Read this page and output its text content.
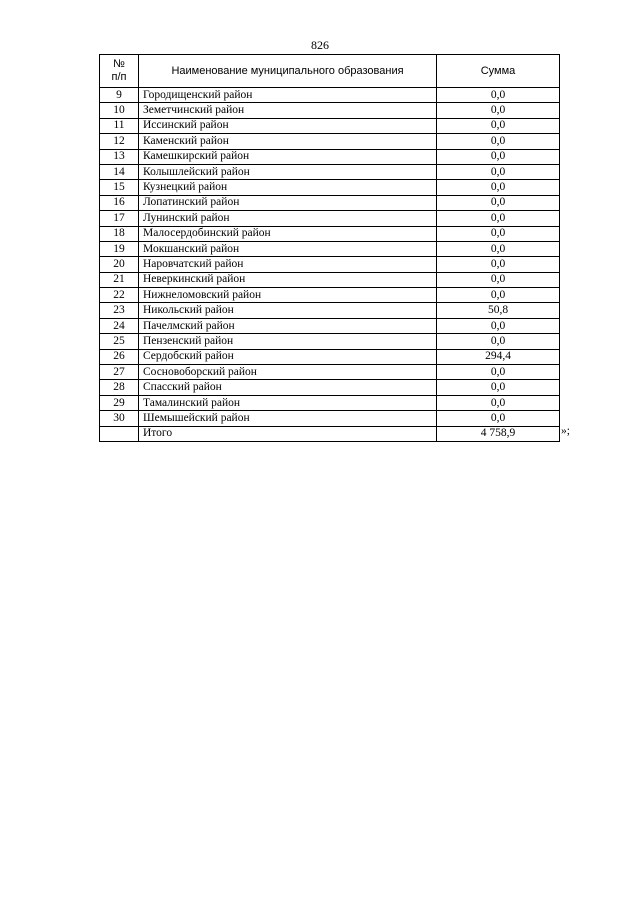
826
№
п/п	Наименование муниципального образования	Сумма
9	Городищенский район	0,0
10	Земетчинский район	0,0
11	Иссинский район	0,0
12	Каменский район	0,0
13	Камешкирский район	0,0
14	Колышлейский район	0,0
15	Кузнецкий район	0,0
16	Лопатинский район	0,0
17	Лунинский район	0,0
18	Малосердобинский район	0,0
19	Мокшанский район	0,0
20	Наровчатский район	0,0
21	Неверкинский район	0,0
22	Нижнеломовский район	0,0
23	Никольский район	50,8
24	Пачелмский район	0,0
25	Пензенский район	0,0
26	Сердобский район	294,4
27	Сосновоборский район	0,0
28	Спасский район	0,0
29	Тамалинский район	0,0
30	Шемышейский район	0,0
	Итого	4 758,9	»;
